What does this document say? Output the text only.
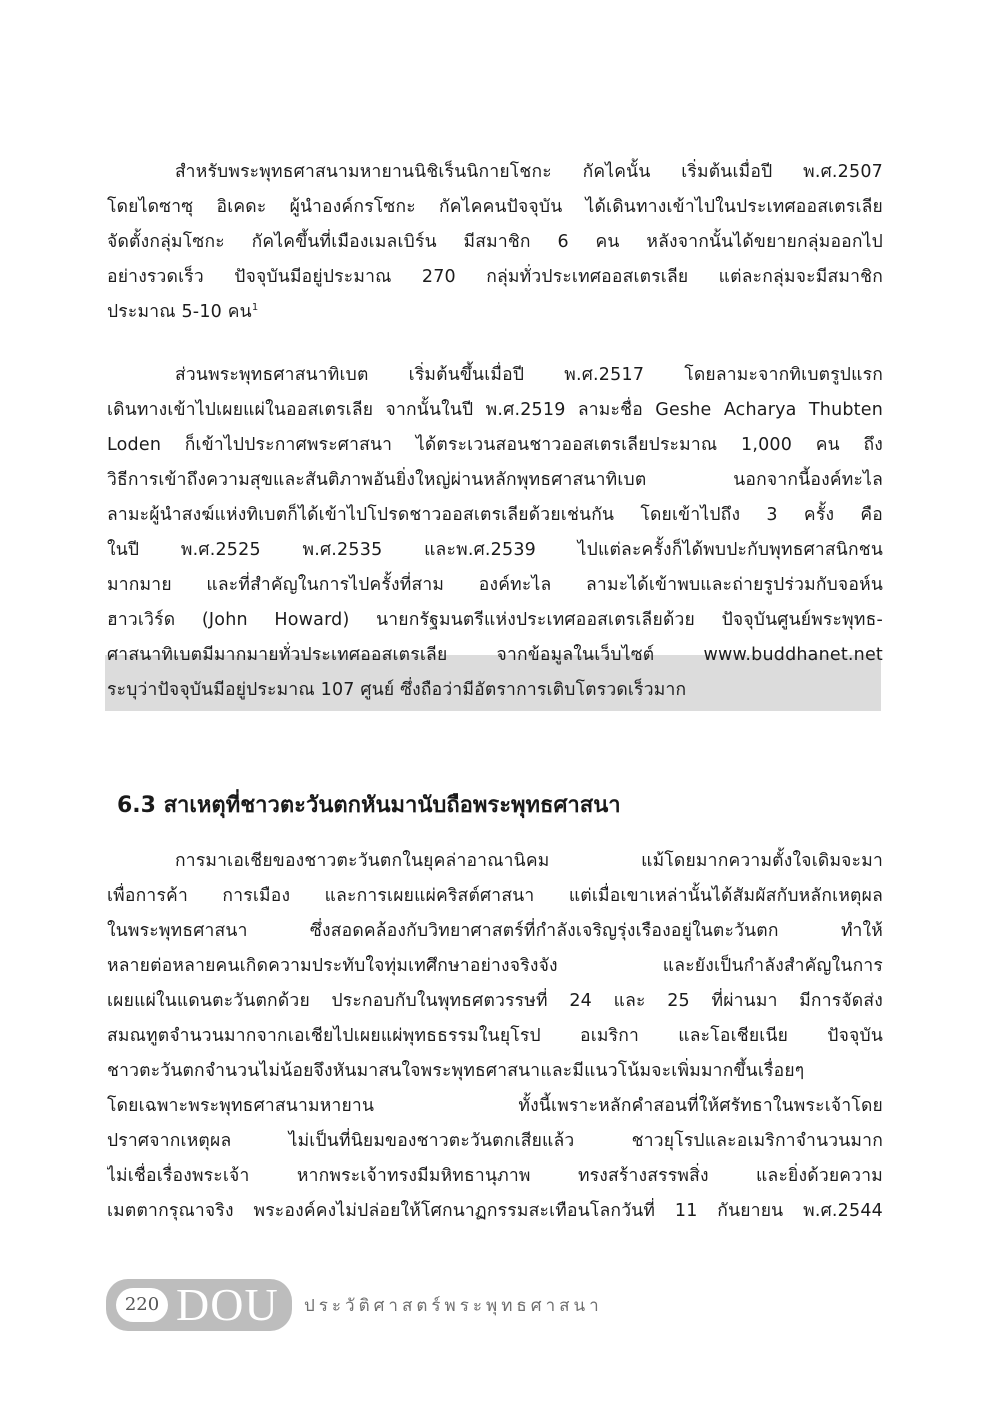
สำหรับพระพุทธศาสนามหายานนิชิเร็นนิกายโชกะ กัคไคนั้น เริ่มต้นเมื่อปี พ.ศ.2507
โดยไดซาซุ อิเคดะ ผู้นำองค์กรโซกะ กัคไคคนปัจจุบัน ได้เดินทางเข้าไปในประเทศออสเตรเลีย
จัดตั้งกลุ่มโซกะ กัคไคขึ้นที่เมืองเมลเบิร์น มีสมาชิก 6 คน หลังจากนั้นได้ขยายกลุ่มออกไป
อย่างรวดเร็ว ปัจจุบันมีอยู่ประมาณ 270 กลุ่มทั่วประเทศออสเตรเลีย แต่ละกลุ่มจะมีสมาชิก
ประมาณ 5-10 คน$^1$
ส่วนพระพุทธศาสนาทิเบต เริ่มต้นขึ้นเมื่อปี พ.ศ.2517 โดยลามะจากทิเบตรูปแรก
เดินทางเข้าไปเผยแผ่ในออสเตรเลีย จากนั้นในปี พ.ศ.2519 ลามะชื่อ Geshe Acharya Thubten
Loden ก็เข้าไปประกาศพระศาสนา ได้ตระเวนสอนชาวออสเตรเลียประมาณ 1,000 คน ถึง
วิธีการเข้าถึงความสุขและสันติภาพอันยิ่งใหญ่ผ่านหลักพุทธศาสนาทิเบต นอกจากนี้องค์ทะไล
ลามะผู้นำสงฆ์แห่งทิเบตก็ได้เข้าไปโปรดชาวออสเตรเลียด้วยเช่นกัน โดยเข้าไปถึง 3 ครั้ง คือ
ในปี พ.ศ.2525 พ.ศ.2535 และพ.ศ.2539 ไปแต่ละครั้งก็ได้พบปะกับพุทธศาสนิกชน
มากมาย และที่สำคัญในการไปครั้งที่สาม องค์ทะไล ลามะได้เข้าพบและถ่ายรูปร่วมกับจอห์น
ฮาวเวิร์ด (John Howard) นายกรัฐมนตรีแห่งประเทศออสเตรเลียด้วย ปัจจุบันศูนย์พระพุทธ-
ศาสนาทิเบตมีมากมายทั่วประเทศออสเตรเลีย จากข้อมูลในเว็บไซต์ www.buddhanet.net
ระบุว่าปัจจุบันมีอยู่ประมาณ 107 ศูนย์ ซึ่งถือว่ามีอัตราการเติบโตรวดเร็วมาก
6.3 สาเหตุที่ชาวตะวันตกหันมานับถือพระพุทธศาสนา
การมาเอเชียของชาวตะวันตกในยุคล่าอาณานิคม แม้โดยมากความตั้งใจเดิมจะมา
เพื่อการค้า การเมือง และการเผยแผ่คริสต์ศาสนา แต่เมื่อเขาเหล่านั้นได้สัมผัสกับหลักเหตุผล
ในพระพุทธศาสนา ซึ่งสอดคล้องกับวิทยาศาสตร์ที่กำลังเจริญรุ่งเรืองอยู่ในตะวันตก ทำให้
หลายต่อหลายคนเกิดความประทับใจทุ่มเทศึกษาอย่างจริงจัง และยังเป็นกำลังสำคัญในการ
เผยแผ่ในแดนตะวันตกด้วย ประกอบกับในพุทธศตวรรษที่ 24 และ 25 ที่ผ่านมา มีการจัดส่ง
สมณทูตจำนวนมากจากเอเชียไปเผยแผ่พุทธธรรมในยุโรป อเมริกา และโอเชียเนีย ปัจจุบัน
ชาวตะวันตกจำนวนไม่น้อยจึงหันมาสนใจพระพุทธศาสนาและมีแนวโน้มจะเพิ่มมากขึ้นเรื่อยๆ
โดยเฉพาะพระพุทธศาสนามหายาน ทั้งนี้เพราะหลักคำสอนที่ให้ศรัทธาในพระเจ้าโดย
ปราศจากเหตุผล ไม่เป็นที่นิยมของชาวตะวันตกเสียแล้ว ชาวยุโรปและอเมริกาจำนวนมาก
ไม่เชื่อเรื่องพระเจ้า หากพระเจ้าทรงมีมหิทธานุภาพ ทรงสร้างสรรพสิ่ง และยิ่งด้วยความ
เมตตากรุณาจริง พระองค์คงไม่ปล่อยให้โศกนาฏกรรมสะเทือนโลกวันที่ 11 กันยายน พ.ศ.2544
220 DOU ประวัติศาสตร์พระพุทธศาสนา
